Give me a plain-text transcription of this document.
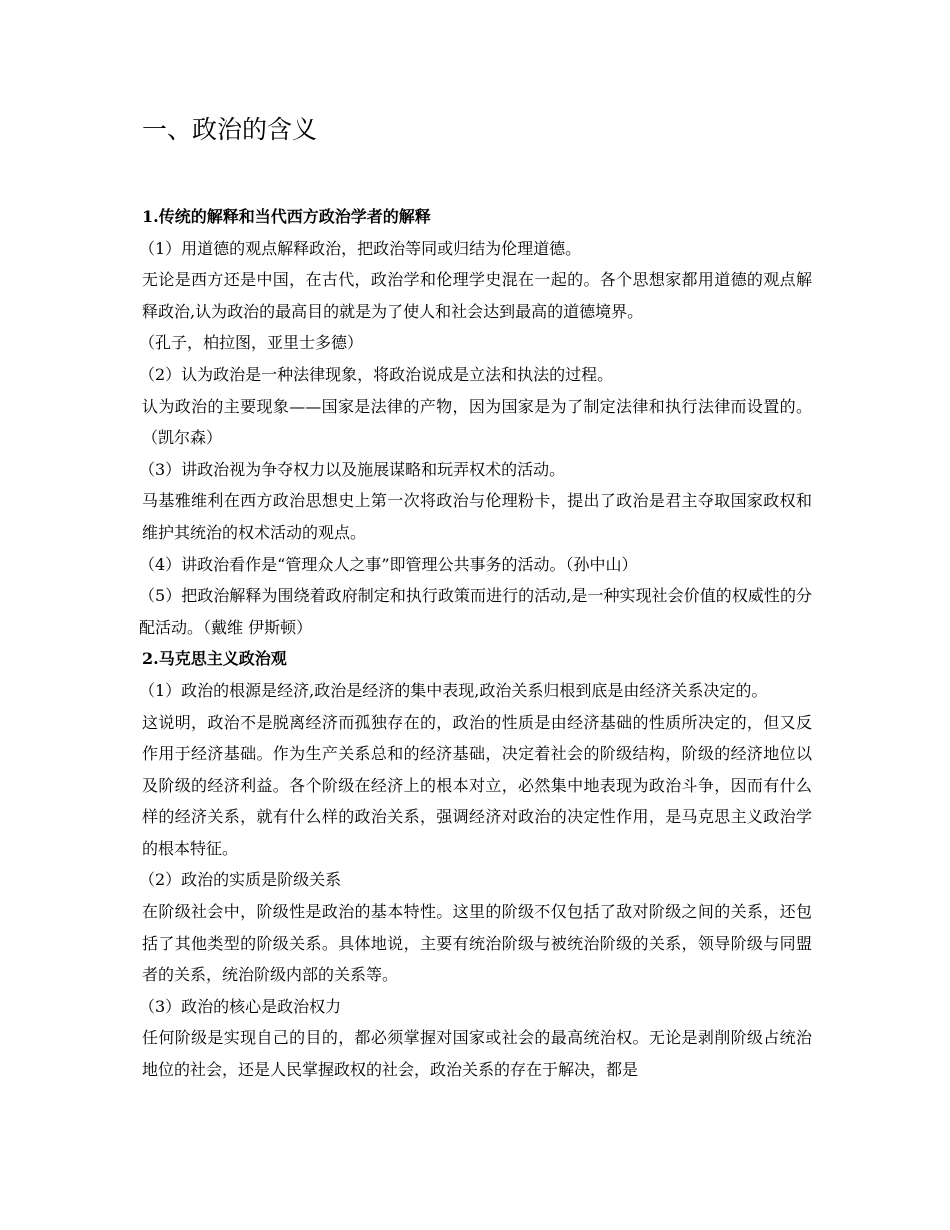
一、政治的含义

1.传统的解释和当代西方政治学者的解释

（1）用道德的观点解释政治，把政治等同或归结为伦理道德。

无论是西方还是中国，在古代，政治学和伦理学史混在一起的。各个思想家都用道德的观点解释政治,认为政治的最高目的就是为了使人和社会达到最高的道德境界。

（孔子，柏拉图，亚里士多德）

（2）认为政治是一种法律现象，将政治说成是立法和执法的过程。

认为政治的主要现象——国家是法律的产物，因为国家是为了制定法律和执行法律而设置的。（凯尔森）

（3）讲政治视为争夺权力以及施展谋略和玩弄权术的活动。

马基雅维利在西方政治思想史上第一次将政治与伦理粉卡，提出了政治是君主夺取国家政权和维护其统治的权术活动的观点。

（4）讲政治看作是“管理众人之事”即管理公共事务的活动。（孙中山）

（5）把政治解释为围绕着政府制定和执行政策而进行的活动,是一种实现社会价值的权威性的分配活动。（戴维 伊斯顿）

2.马克思主义政治观

（1）政治的根源是经济,政治是经济的集中表现,政治关系归根到底是由经济关系决定的。

这说明，政治不是脱离经济而孤独存在的，政治的性质是由经济基础的性质所决定的，但又反作用于经济基础。作为生产关系总和的经济基础，决定着社会的阶级结构，阶级的经济地位以及阶级的经济利益。各个阶级在经济上的根本对立，必然集中地表现为政治斗争，因而有什么样的经济关系，就有什么样的政治关系，强调经济对政治的决定性作用，是马克思主义政治学的根本特征。

（2）政治的实质是阶级关系

在阶级社会中，阶级性是政治的基本特性。这里的阶级不仅包括了敌对阶级之间的关系，还包括了其他类型的阶级关系。具体地说，主要有统治阶级与被统治阶级的关系，领导阶级与同盟者的关系，统治阶级内部的关系等。

（3）政治的核心是政治权力

任何阶级是实现自己的目的，都必须掌握对国家或社会的最高统治权。无论是剥削阶级占统治地位的社会，还是人民掌握政权的社会，政治关系的存在于解决，都是
